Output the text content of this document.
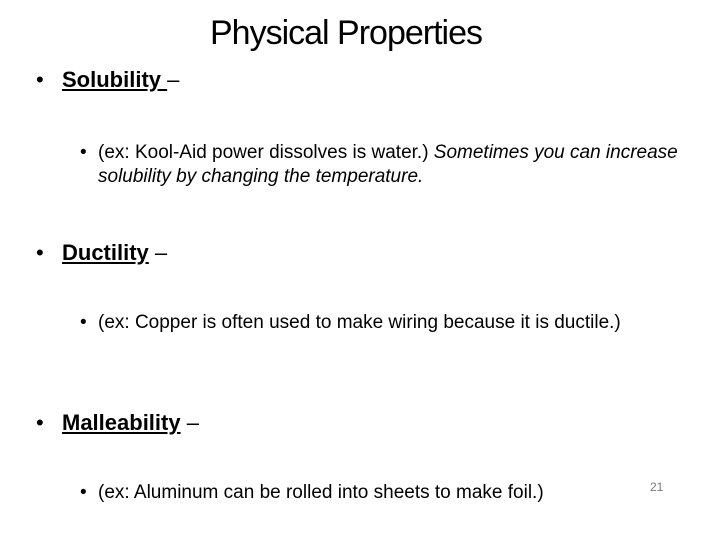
Physical Properties
• Solubility –
• (ex: Kool-Aid power dissolves is water.) Sometimes you can increase solubility by changing the temperature.
• Ductility –
• (ex: Copper is often used to make wiring because it is ductile.)
• Malleability –
• (ex: Aluminum can be rolled into sheets to make foil.)	21
